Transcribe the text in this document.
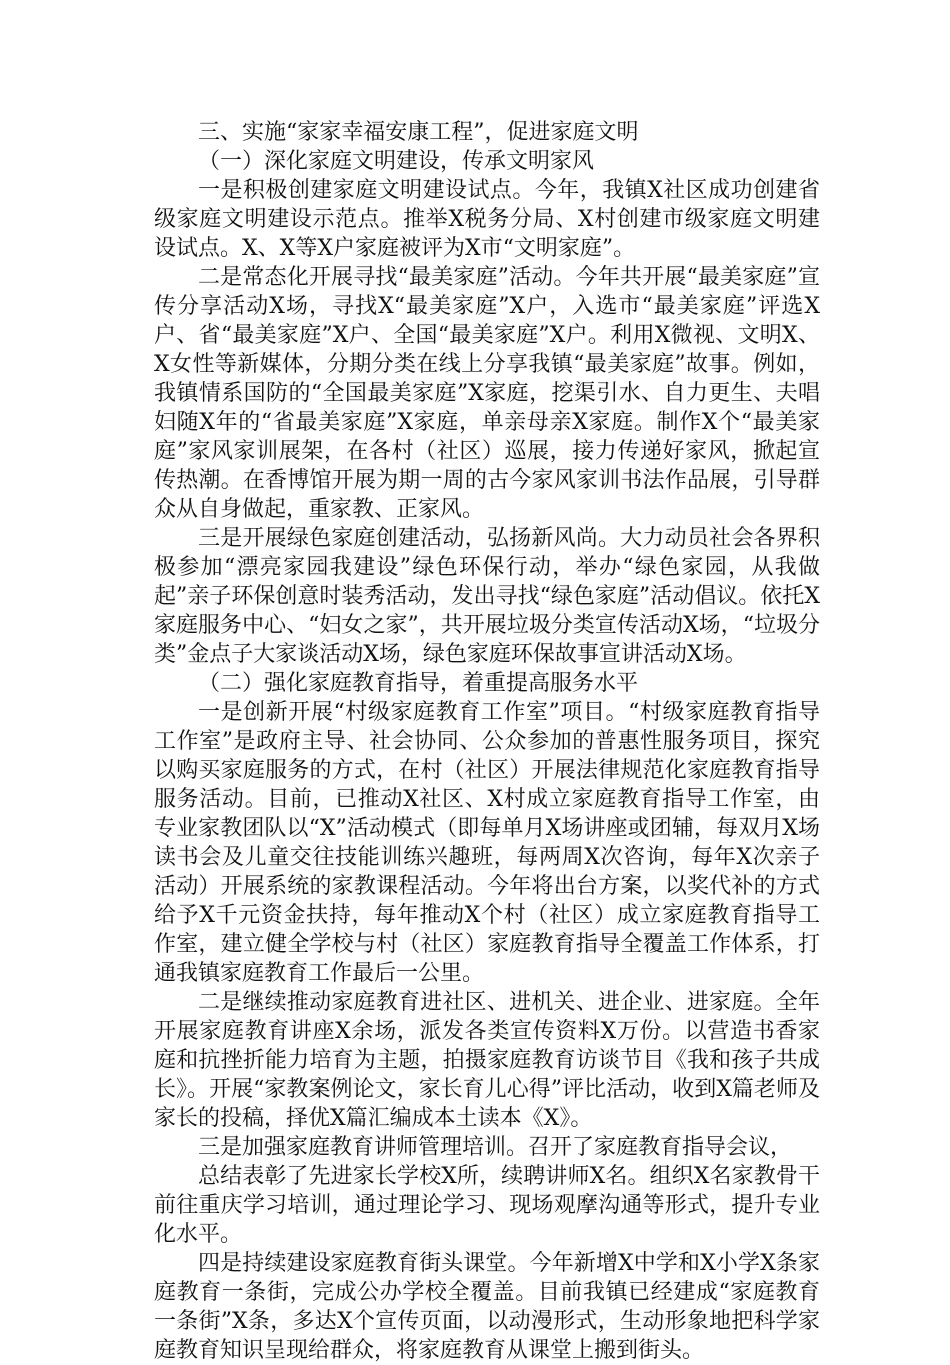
三、实施“家家幸福安康工程”，促进家庭文明

（一）深化家庭文明建设，传承文明家风

一是积极创建家庭文明建设试点。今年，我镇X社区成功创建省级家庭文明建设示范点。推举X税务分局、X村创建市级家庭文明建设试点。X、X等X户家庭被评为X市“文明家庭”。

二是常态化开展寻找“最美家庭”活动。今年共开展“最美家庭”宣传分享活动X场，寻找X“最美家庭”X户，入选市“最美家庭”评选X户、省“最美家庭”X户、全国“最美家庭”X户。利用X微视、文明X、X女性等新媒体，分期分类在线上分享我镇“最美家庭”故事。例如，我镇情系国防的“全国最美家庭”X家庭，挖渠引水、自力更生、夫唱妇随X年的“省最美家庭”X家庭，单亲母亲X家庭。制作X个“最美家庭”家风家训展架，在各村（社区）巡展，接力传递好家风，掀起宣传热潮。在香博馆开展为期一周的古今家风家训书法作品展，引导群众从自身做起，重家教、正家风。

三是开展绿色家庭创建活动，弘扬新风尚。大力动员社会各界积极参加“漂亮家园我建设”绿色环保行动，举办“绿色家园，从我做起”亲子环保创意时装秀活动，发出寻找“绿色家庭”活动倡议。依托X家庭服务中心、“妇女之家”，共开展垃圾分类宣传活动X场，“垃圾分类”金点子大家谈活动X场，绿色家庭环保故事宣讲活动X场。

（二）强化家庭教育指导，着重提高服务水平

一是创新开展“村级家庭教育工作室”项目。“村级家庭教育指导工作室”是政府主导、社会协同、公众参加的普惠性服务项目，探究以购买家庭服务的方式，在村（社区）开展法律规范化家庭教育指导服务活动。目前，已推动X社区、X村成立家庭教育指导工作室，由专业家教团队以“X”活动模式（即每单月X场讲座或团辅，每双月X场读书会及儿童交往技能训练兴趣班，每两周X次咨询，每年X次亲子活动）开展系统的家教课程活动。今年将出台方案，以奖代补的方式给予X千元资金扶持，每年推动X个村（社区）成立家庭教育指导工作室，建立健全学校与村（社区）家庭教育指导全覆盖工作体系，打通我镇家庭教育工作最后一公里。

二是继续推动家庭教育进社区、进机关、进企业、进家庭。全年开展家庭教育讲座X余场，派发各类宣传资料X万份。以营造书香家庭和抗挫折能力培育为主题，拍摄家庭教育访谈节目《我和孩子共成长》。开展“家教案例论文，家长育儿心得”评比活动，收到X篇老师及家长的投稿，择优X篇汇编成本土读本《X》。

三是加强家庭教育讲师管理培训。召开了家庭教育指导会议，

总结表彰了先进家长学校X所，续聘讲师X名。组织X名家教骨干前往重庆学习培训，通过理论学习、现场观摩沟通等形式，提升专业化水平。

四是持续建设家庭教育街头课堂。今年新增X中学和X小学X条家庭教育一条街，完成公办学校全覆盖。目前我镇已经建成“家庭教育一条街”X条，多达X个宣传页面，以动漫形式，生动形象地把科学家庭教育知识呈现给群众，将家庭教育从课堂上搬到街头。
